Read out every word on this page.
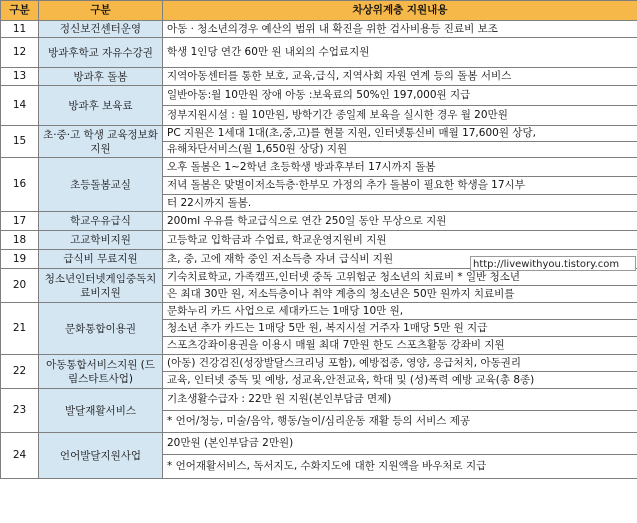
구분	구분	차상위계층 지원내용
11	정신보건센터운영	아동 · 청소년의경우 예산의 범위 내 확진을 위한 검사비용등 진료비 보조
12	방과후학교 자유수강권	학생 1인당 연간 60만 원 내외의 수업료지원
13	방과후 돌봄	지역아동센터를 통한 보호, 교육,급식, 지역사회 자원 연계 등의 돌봄 서비스
14	방과후 보육료	일반아동:월 10만원 장애 아동 :보육료의 50%인 197,000원 지급
		정부지원시설 : 월 10만원, 방학기간 종일제 보육을 실시한 경우 월 20만원
15	초·중·고 학생 교육정보화 지원	PC 지원은 1세대 1대(초,중,고)를 현물 지원, 인터넷통신비 매월 17,600원 상당,
		유해차단서비스(월 1,650원 상당) 지원
16	초등돌봄교실	오후 돌봄은 1~2학년 초등학생 방과후부터 17시까지 돌봄
		저녁 돌봄은 맞벌이저소득층·한부모 가정의 추가 돌봄이 필요한 학생을 17시부
		터 22시까지 돌봄.
17	학교우유급식	200ml 우유를 학교급식으로 연간 250일 동안 무상으로 지원
18	고교학비지원	고등학교 입학금과 수업료, 학교운영지원비 지원
19	급식비 무료지원	초, 중, 고에 재학 중인 저소득층 자녀 급식비 지원
20	청소년인터넷게임중독치료비지원	기숙치료학교, 가족캠프,인터넷 중독 고위험군 청소년의 치료비 * 일반 청소년
		은 최대 30만 원, 저소득층이나 취약 계층의 청소년은 50만 원까지 치료비를
21	문화통합이용권	문화누리 카드 사업으로 세대카드는 1매당 10만 원,
		청소년 추가 카드는 1매당 5만 원, 복지시설 거주자 1매당 5만 원 지급
		스포츠강좌이용권을 이용시 매월 최대 7만원 한도 스포츠활동 강좌비 지원
22	아동통합서비스지원 (드림스타트사업)	(아동) 건강검진(성장발달스크리닝 포함), 예방접종, 영양, 응급처치, 아동권리
		교육, 인터넷 중독 및 예방, 성교육,안전교육, 학대 및 (성)폭력 예방 교육(총 8종)
23	발달재활서비스	기초생활수급자 : 22만 원 지원(본인부담금 면제)
		* 언어/청능, 미술/음악, 행동/놀이/심리운동 재활 등의 서비스 제공
24	언어발달지원사업	20만원 (본인부담금 2만원)
		* 언어재활서비스, 독서지도, 수화지도에 대한 지원액을 바우처로 지급
http://livewithyou.tistory.com
